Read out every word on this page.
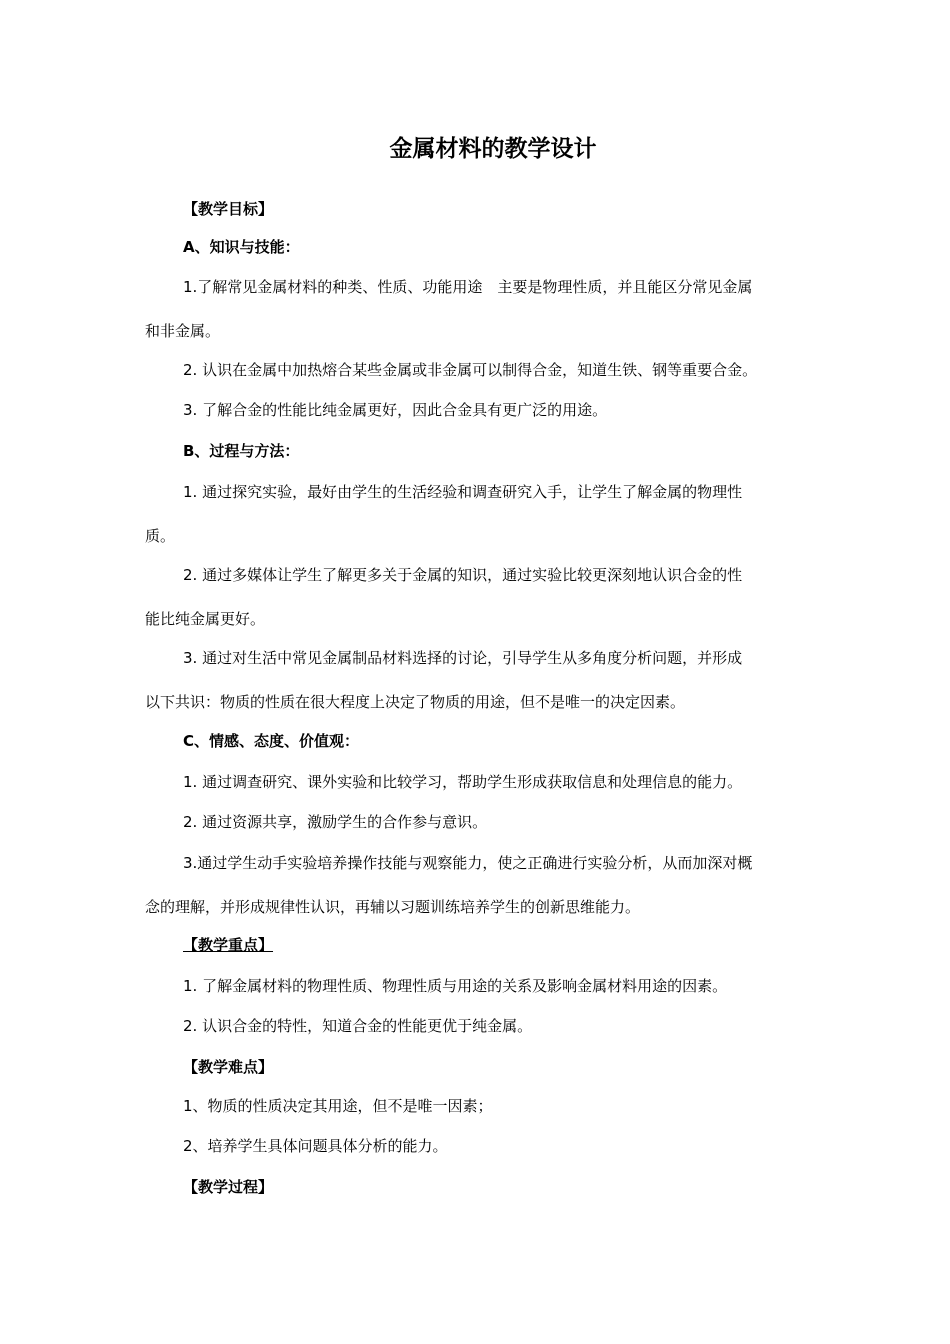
金属材料的教学设计
【教学目标】
A、知识与技能：
1.了解常见金属材料的种类、性质、功能用途　主要是物理性质，并且能区分常见金属
和非金属。
2. 认识在金属中加热熔合某些金属或非金属可以制得合金，知道生铁、钢等重要合金。
3. 了解合金的性能比纯金属更好，因此合金具有更广泛的用途。
B、过程与方法：
1. 通过探究实验，最好由学生的生活经验和调查研究入手，让学生了解金属的物理性
质。
2. 通过多媒体让学生了解更多关于金属的知识，通过实验比较更深刻地认识合金的性
能比纯金属更好。
3. 通过对生活中常见金属制品材料选择的讨论，引导学生从多角度分析问题，并形成
以下共识：物质的性质在很大程度上决定了物质的用途，但不是唯一的决定因素。
C、情感、态度、价值观：
1. 通过调查研究、课外实验和比较学习，帮助学生形成获取信息和处理信息的能力。
2. 通过资源共享，激励学生的合作参与意识。
3.通过学生动手实验培养操作技能与观察能力，使之正确进行实验分析，从而加深对概
念的理解，并形成规律性认识，再辅以习题训练培养学生的创新思维能力。
【教学重点】
1. 了解金属材料的物理性质、物理性质与用途的关系及影响金属材料用途的因素。
2. 认识合金的特性，知道合金的性能更优于纯金属。
【教学难点】
1、物质的性质决定其用途，但不是唯一因素；
2、培养学生具体问题具体分析的能力。
【教学过程】
